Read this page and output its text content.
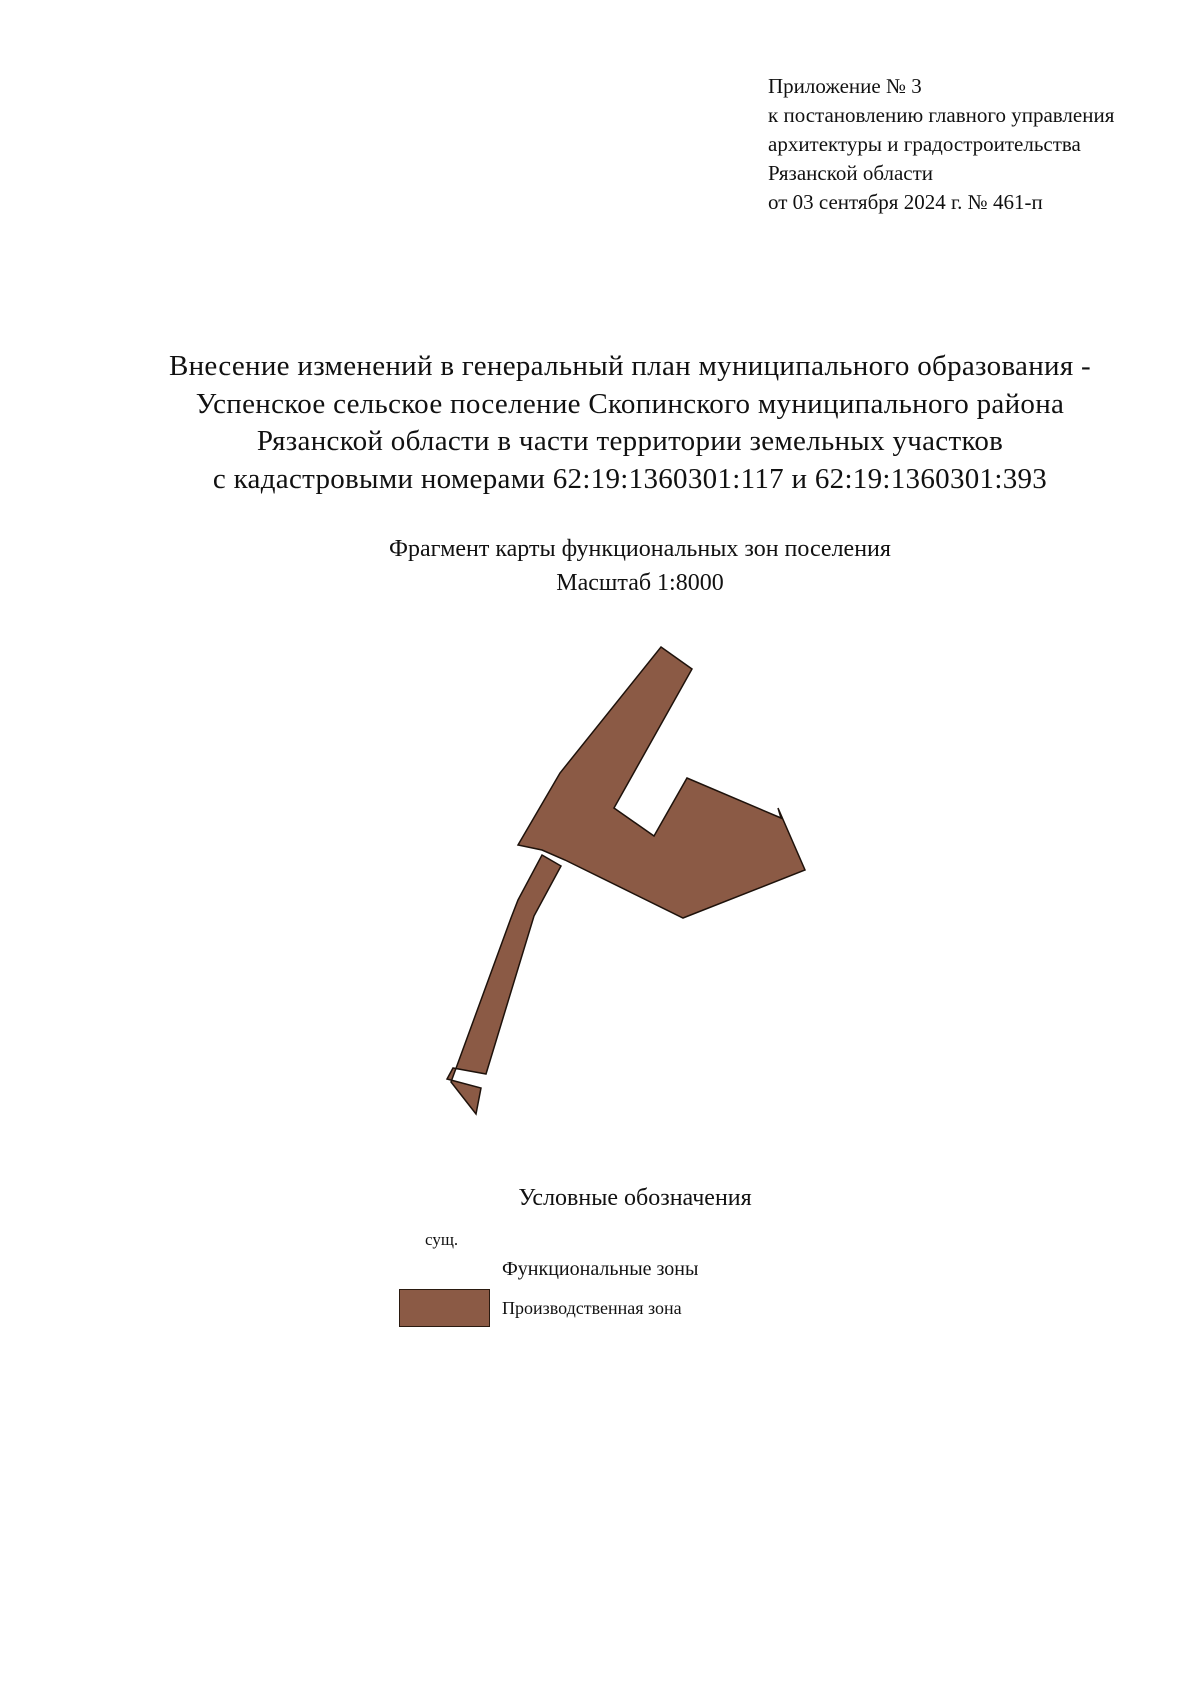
Приложение № 3
к постановлению главного управления
архитектуры и градостроительства
Рязанской области
от 03 сентября 2024 г. № 461-п
Внесение изменений в генеральный план муниципального образования -
Успенское сельское поселение Скопинского муниципального района
Рязанской области в части территории земельных участков
с кадастровыми номерами 62:19:1360301:117 и 62:19:1360301:393
Фрагмент карты функциональных зон поселения
Масштаб 1:8000
Условные обозначения
сущ.
Функциональные зоны
Производственная зона
